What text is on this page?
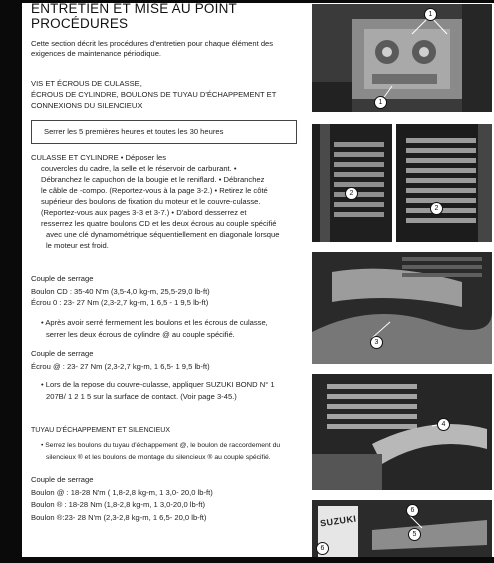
ENTRETIEN ET MISE AU POINT
PROCÉDURES
Cette section décrit les procédures d'entretien pour chaque élément des
exigences de maintenance périodique.
VIS ET ÉCROUS DE CULASSE,
ÉCROUS DE CYLINDRE, BOULONS DE TUYAU D'ÉCHAPPEMENT ET
CONNEXIONS DU SILENCIEUX
Serrer les 5 premières heures et toutes les 30 heures
CULASSE ET CYLINDRE • Déposer les
couvercles du cadre, la selle et le réservoir de carburant. •
Débranchez le capuchon de la bougie et le reniflard. • Débranchez
le câble de -compo. (Reportez-vous à la page 3-2.) • Retirez le côté
supérieur des boulons de fixation du moteur et le couvre-culasse.
(Reportez-vous aux pages 3-3 et 3-7.) • D'abord desserrez et
resserrez les quatre boulons CD et les deux écrous au couple spécifié
avec une clé dynamométrique séquentiellement en diagonale lorsque
le moteur est froid.
Couple de serrage
Boulon CD : 35-40 N'm (3,5-4,0 kg-m, 25,5-29,0 lb-ft)
Écrou 0 : 23- 27 Nm (2,3-2,7 kg-m, 1 6,5 - 1 9,5 lb-ft)
• Après avoir serré fermement les boulons et les écrous de culasse,
serrer les deux écrous de cylindre @ au couple spécifié.
Couple de serrage
Écrou @ : 23- 27 Nm (2,3-2,7 kg-m, 1 6,5- 1 9,5 lb-ft)
• Lors de la repose du couvre-culasse, appliquer SUZUKI BOND N° 1
207B/ 1 2 1 5 sur la surface de contact. (Voir page 3-45.)
TUYAU D'ÉCHAPPEMENT ET SILENCIEUX
• Serrez les boulons du tuyau d'échappement @, le boulon de raccordement du
silencieux ® et les boulons de montage du silencieux ® au couple spécifié.
Couple de serrage
Boulon @ : 18-28 N'm ( 1,8-2,8 kg-m, 1 3,0- 20,0 lb-ft)
Boulon ® : 18-28 Nm (1,8-2,8 kg-m, 1 3,0-20,0 lb-ft)
Boulon ®:23- 28 N'm (2,3-2,8 kg-m, 1 6,5- 20,0 lb-ft)
1
1
2
2
3
4
SUZUKI
6
5
6
